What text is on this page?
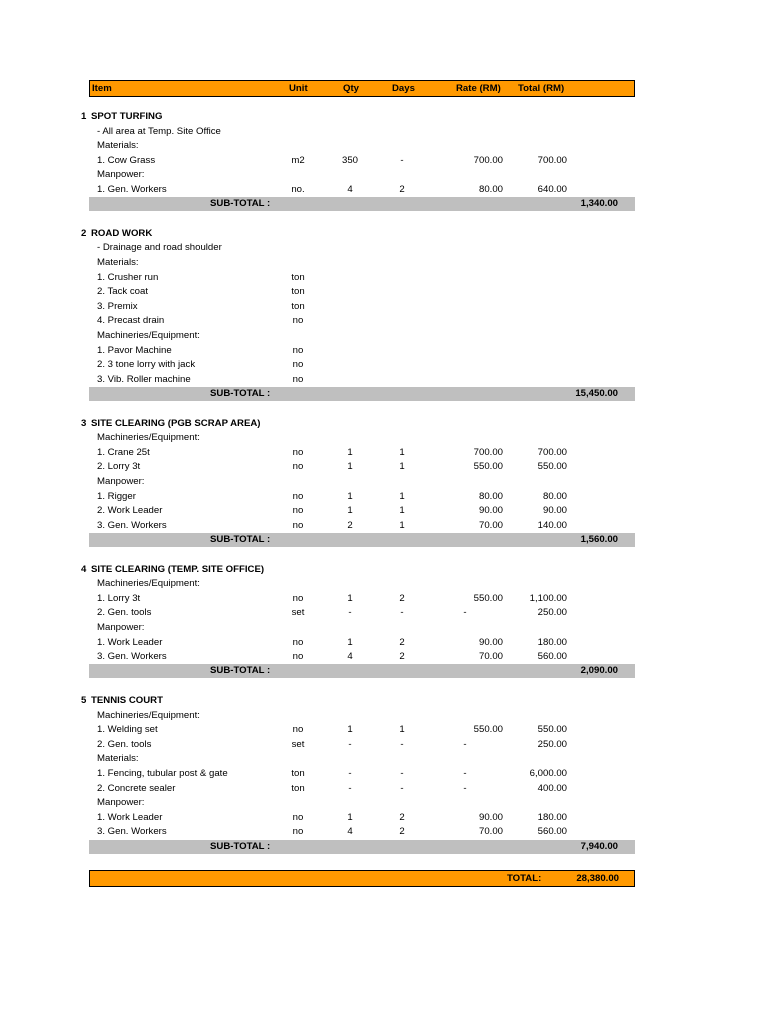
Item	Unit	Qty	Days	Rate (RM) Total (RM)
1 SPOT TURFING
- All area at Temp. Site Office
Materials:
1. Cow Grass	m2	350	-	700.00	700.00
Manpower:
1. Gen. Workers	no.	4	2	80.00	640.00
SUB-TOTAL :	1,340.00
2 ROAD WORK
- Drainage and road shoulder
Materials:
1. Crusher run	ton
2. Tack coat	ton
3. Premix	ton
4. Precast drain	no
Machineries/Equipment:
1. Pavor Machine	no
2. 3 tone lorry with jack	no
3. Vib. Roller machine	no
SUB-TOTAL :	15,450.00
3 SITE CLEARING (PGB SCRAP AREA)
Machineries/Equipment:
1. Crane 25t	no	1	1	700.00	700.00
2. Lorry 3t	no	1	1	550.00	550.00
Manpower:
1. Rigger	no	1	1	80.00	80.00
2. Work Leader	no	1	1	90.00	90.00
3. Gen. Workers	no	2	1	70.00	140.00
SUB-TOTAL :	1,560.00
4 SITE CLEARING (TEMP. SITE OFFICE)
Machineries/Equipment:
1. Lorry 3t	no	1	2	550.00	1,100.00
2. Gen. tools	set	-	-	-	250.00
Manpower:
1. Work Leader	no	1	2	90.00	180.00
3. Gen. Workers	no	4	2	70.00	560.00
SUB-TOTAL :	2,090.00
5 TENNIS COURT
Machineries/Equipment:
1. Welding set	no	1	1	550.00	550.00
2. Gen. tools	set	-	-	-	250.00
Materials:
1. Fencing, tubular post & gate	ton	-	-	-	6,000.00
2. Concrete sealer	ton	-	-	-	400.00
Manpower:
1. Work Leader	no	1	2	90.00	180.00
3. Gen. Workers	no	4	2	70.00	560.00
SUB-TOTAL :	7,940.00
TOTAL:	28,380.00
